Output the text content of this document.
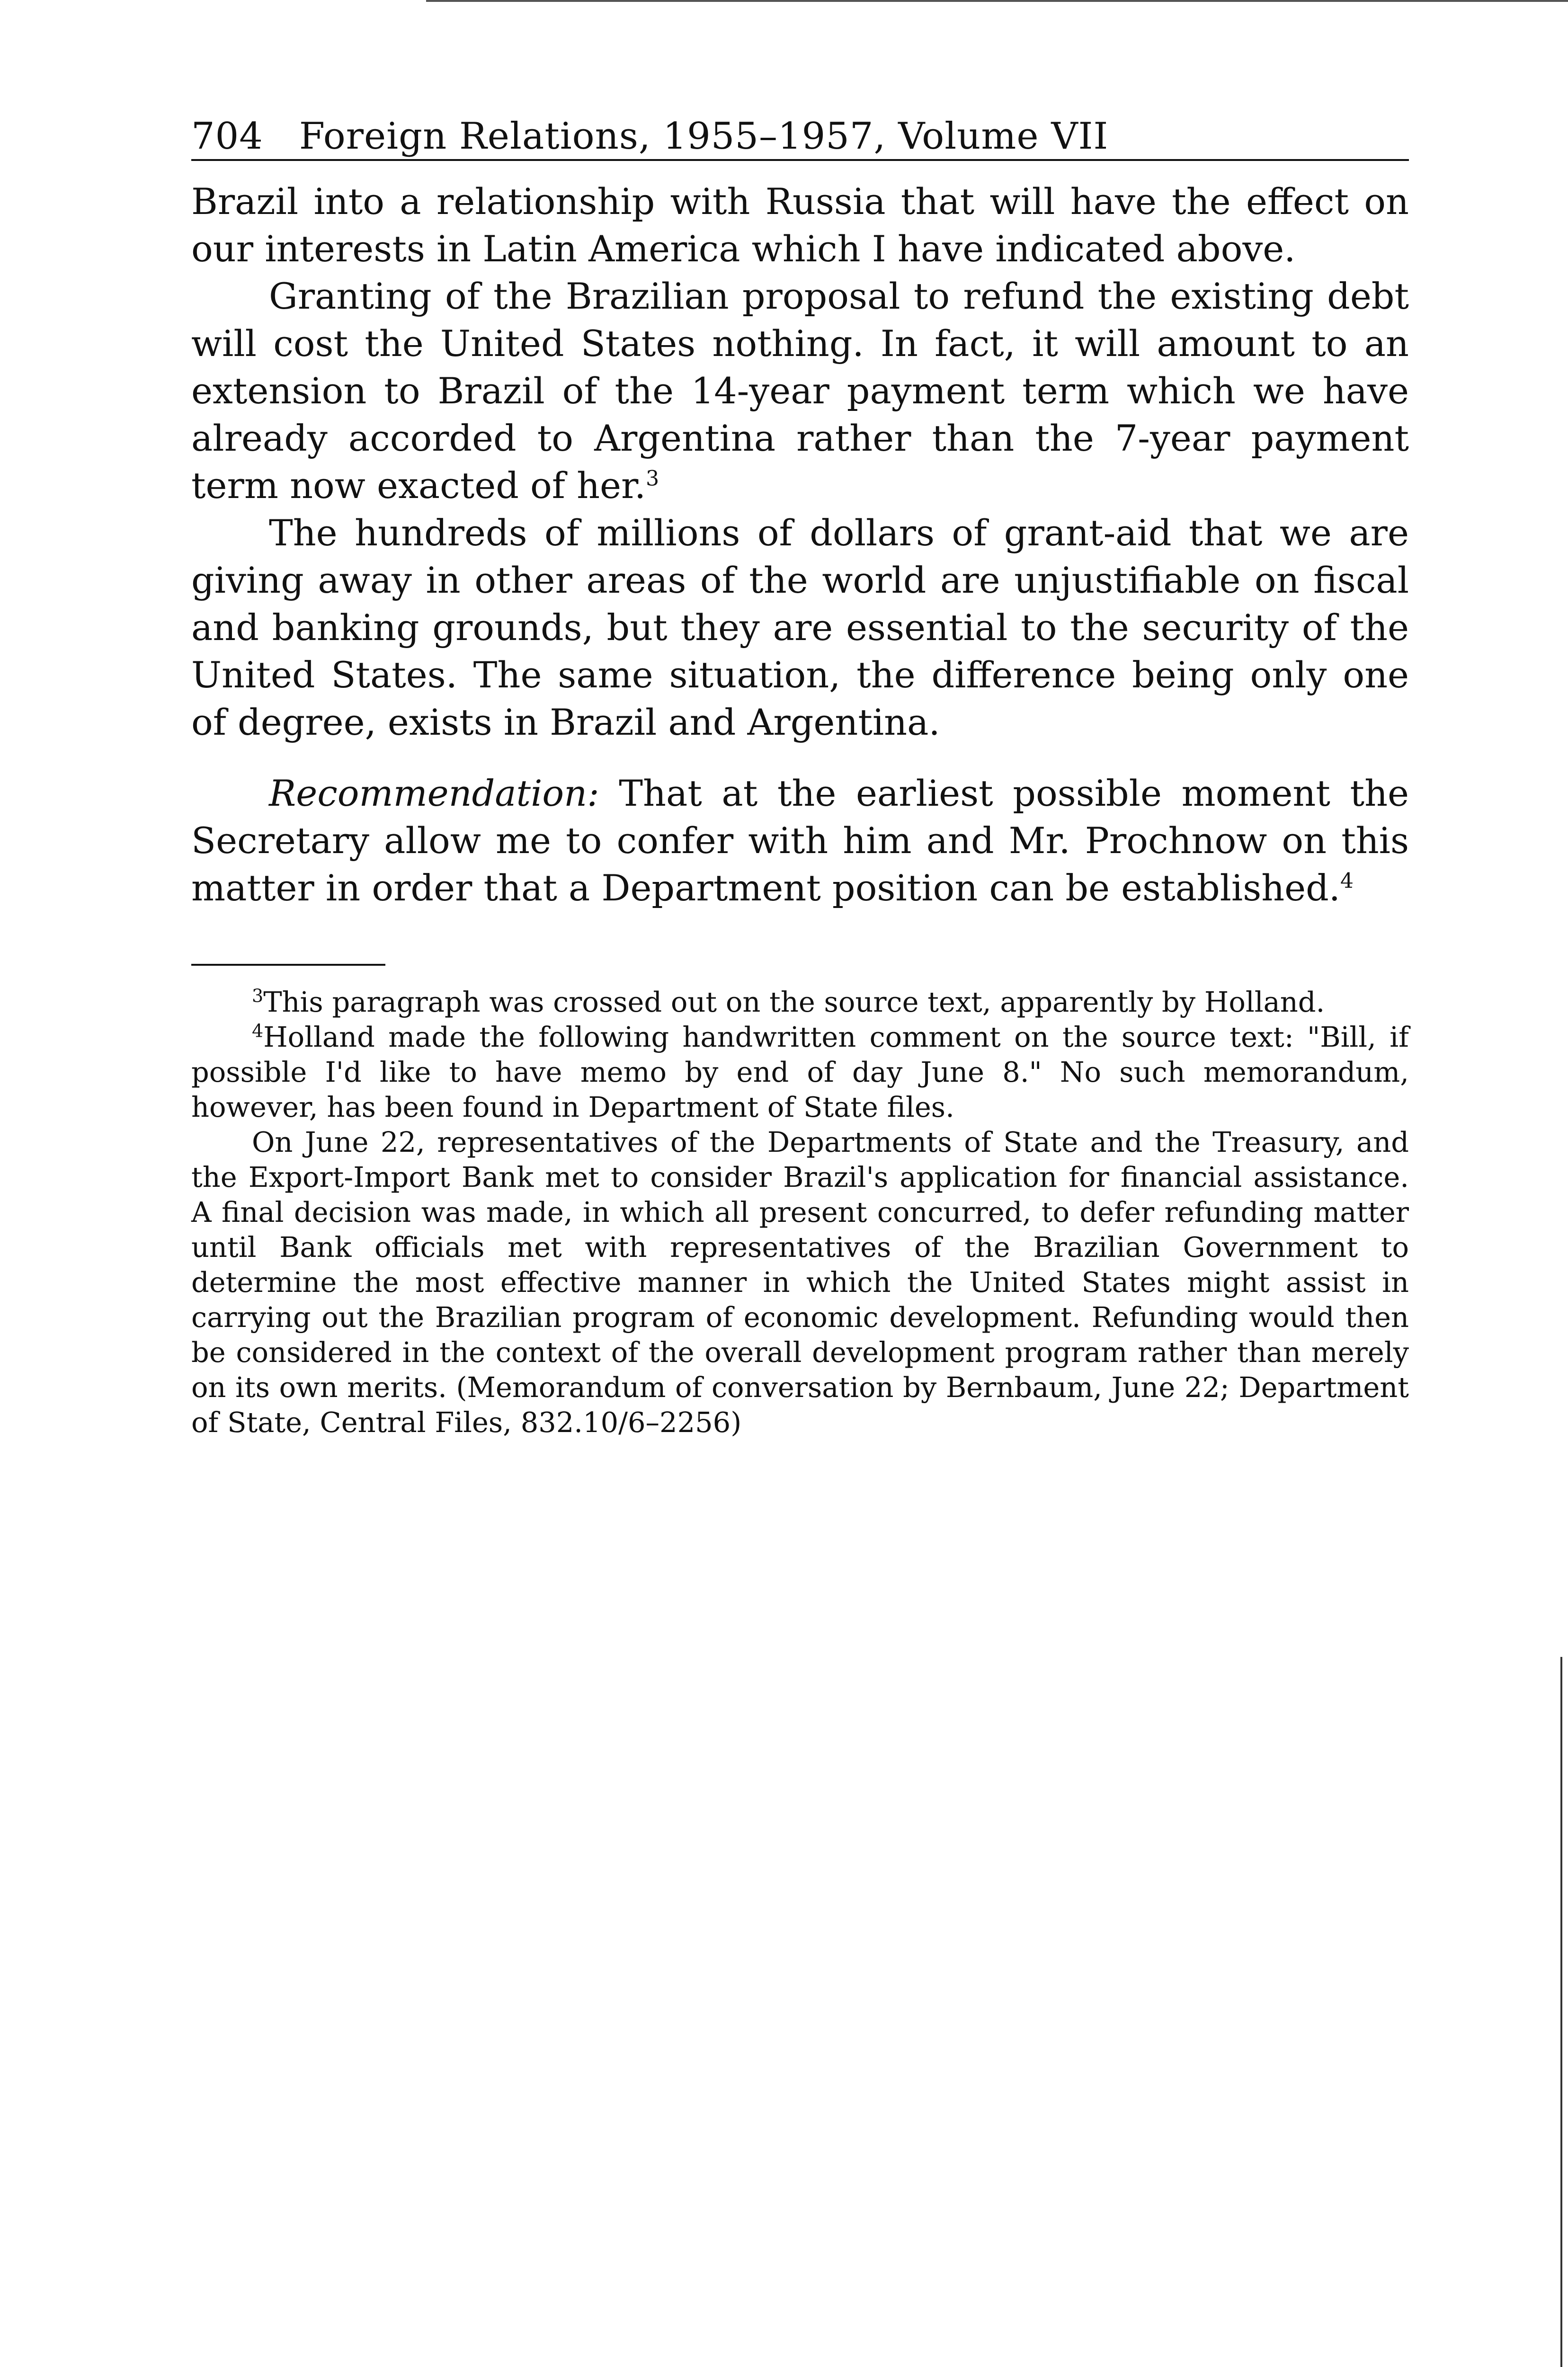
704 Foreign Relations, 1955–1957, Volume VII

Brazil into a relationship with Russia that will have the effect on our interests in Latin America which I have indicated above.

Granting of the Brazilian proposal to refund the existing debt will cost the United States nothing. In fact, it will amount to an extension to Brazil of the 14-year payment term which we have already accorded to Argentina rather than the 7-year payment term now exacted of her.$^3$

The hundreds of millions of dollars of grant-aid that we are giving away in other areas of the world are unjustifiable on fiscal and banking grounds, but they are essential to the security of the United States. The same situation, the difference being only one of degree, exists in Brazil and Argentina.

Recommendation: That at the earliest possible moment the Secretary allow me to confer with him and Mr. Prochnow on this matter in order that a Department position can be established.$^4$

$^3$This paragraph was crossed out on the source text, apparently by Holland.

$^4$Holland made the following handwritten comment on the source text: "Bill, if possible I'd like to have memo by end of day June 8." No such memorandum, however, has been found in Department of State files.

On June 22, representatives of the Departments of State and the Treasury, and the Export-Import Bank met to consider Brazil's application for financial assistance. A final decision was made, in which all present concurred, to defer refunding matter until Bank officials met with representatives of the Brazilian Government to determine the most effective manner in which the United States might assist in carrying out the Brazilian program of economic development. Refunding would then be considered in the context of the overall development program rather than merely on its own merits. (Memorandum of conversation by Bernbaum, June 22; Department of State, Central Files, 832.10/6–2256)
